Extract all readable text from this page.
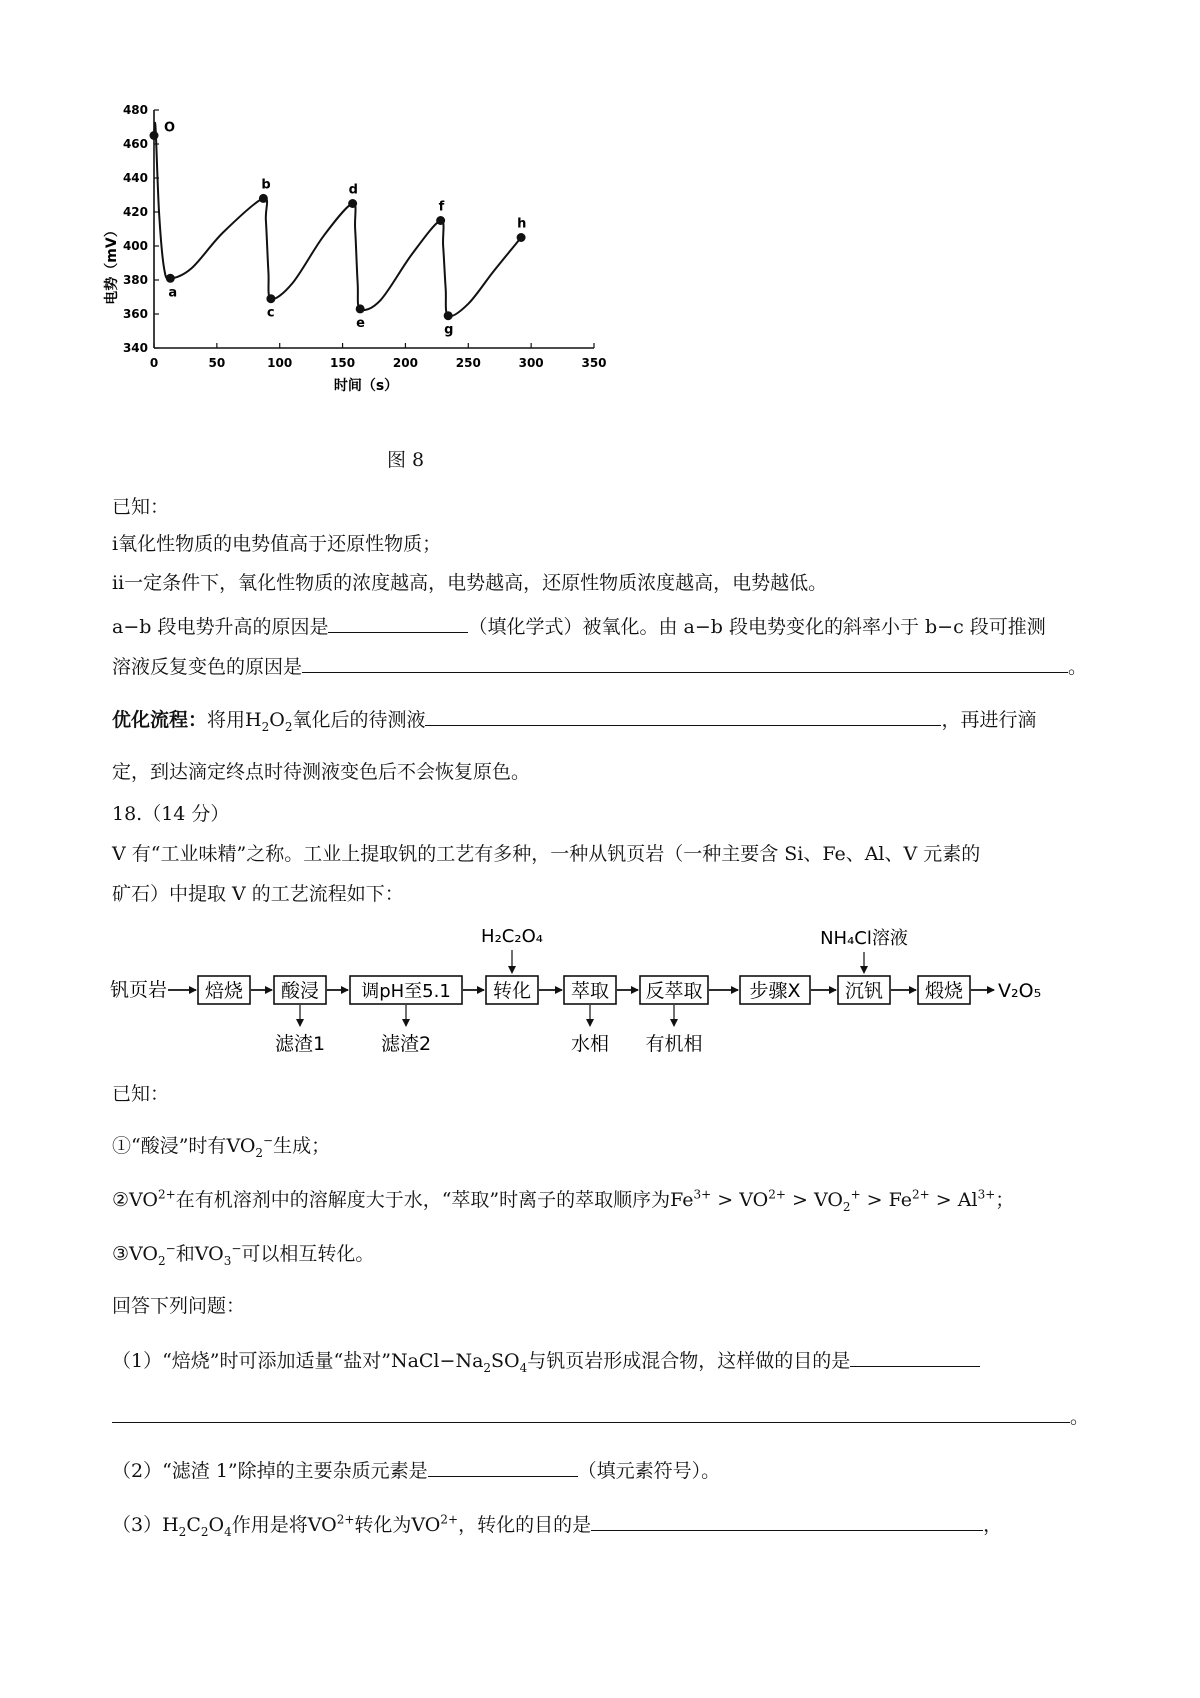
0	50	100	150	200	250	300	350
340
360
380
400
420
440
460
480
O
a
b
c
d
e
f
g
h
电势（mV）
时间（s）
图 8
已知：
ⅰ氧化性物质的电势值高于还原性物质；
ⅱ一定条件下，氧化性物质的浓度越高，电势越高，还原性物质浓度越高，电势越低。
a−b 段电势升高的原因是	（填化学式）被氧化。由 a−b 段电势变化的斜率小于 b−c 段可推测
溶液反复变色的原因是	。
优化流程：将用$H_2O_2$氧化后的待测液	，再进行滴
定，到达滴定终点时待测液变色后不会恢复原色。
18.（14 分）
V 有“工业味精”之称。工业上提取钒的工艺有多种，一种从钒页岩（一种主要含 Si、Fe、Al、V 元素的
矿石）中提取 V 的工艺流程如下：
钒页岩 焙烧 酸浸 调pH至5.1 转化 萃取 反萃取 步骤X 沉钒 煅烧 V₂O₅
H₂C₂O₄	NH₄Cl溶液
滤渣1	滤渣2	水相 有机相
已知：
①“酸浸”时有$VO_2^-$生成；
$②VO^{2+}$在有机溶剂中的溶解度大于水，“萃取”时离子的萃取顺序为$Fe^{3+} > VO^{2+} > VO_2^+ > Fe^{2+} > Al^{3+}$；
$③VO_2^-$和$VO_3^-$可以相互转化。
回答下列问题：
（1）“焙烧”时可添加适量“盐对$”NaCl-Na_2SO_4$与钒页岩形成混合物，这样做的目的是
。
（2）“滤渣 1”除掉的主要杂质元素是	（填元素符号）。
$(3)H_2C_2O_4$作用是将$VO^{2+}$转化为$VO^{2+}$，转化的目的是	，
